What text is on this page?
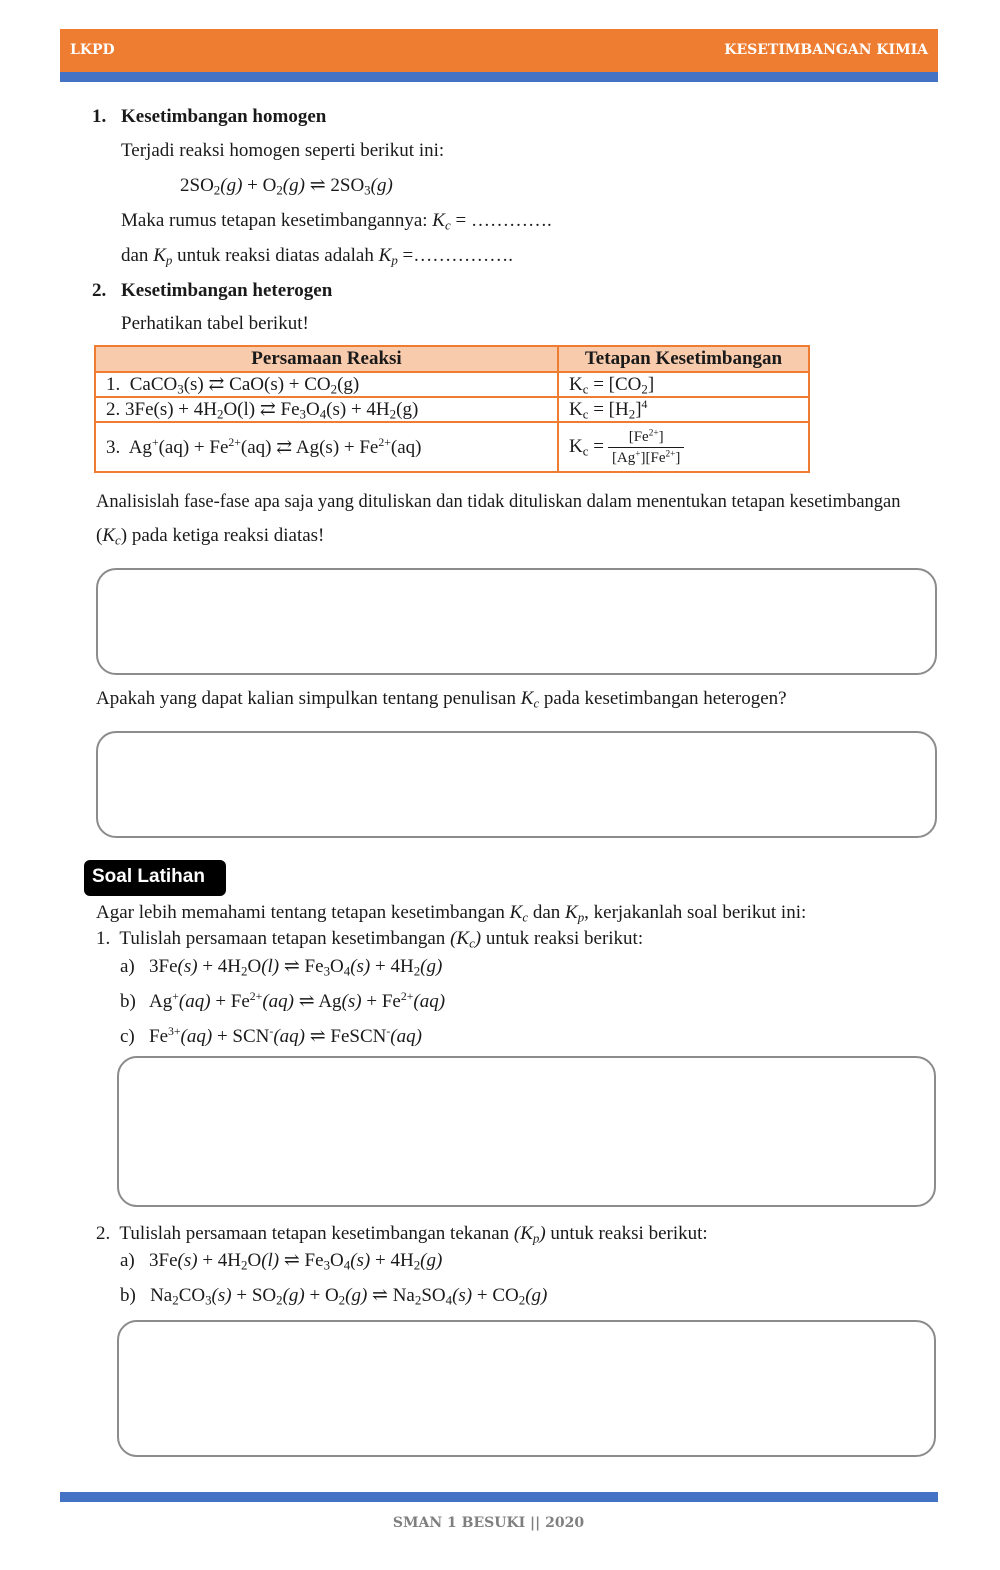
LKPD	KESETIMBANGAN KIMIA
1. Kesetimbangan homogen
Terjadi reaksi homogen seperti berikut ini:
$2SO_2(g) + O_2(g)$ ⇌ $2SO_3(g)$
Maka rumus tetapan kesetimbangannya: $K_c$ = ………….
dan $K_p$ untuk reaksi diatas adalah $K_p$ =…………….
2. Kesetimbangan heterogen
Perhatikan tabel berikut!
Persamaan Reaksi	Tetapan Kesetimbangan
1.  CaCO$_3$(s) ⇄ $CaO(s) + CO_2(g)$	$K_c = [CO_2]$
2. $3Fe(s) + 4H_2O(l)$ ⇄ $Fe_3O_4(s) + 4H_2(g)$	$K_c = [H_2]^4$
3.  $Ag^+(aq) + Fe^{2+}(aq)$ ⇄ $Ag(s) + Fe^{2+}(aq)$	$K_c = \frac{[Fe^{2+}]}{[Ag^+][Fe^{2+}]}$
Analisislah fase-fase apa saja yang dituliskan dan tidak dituliskan dalam menentukan tetapan kesetimbangan
$(K_c)$ pada ketiga reaksi diatas!
Apakah yang dapat kalian simpulkan tentang penulisan $K_c$ pada kesetimbangan heterogen?
Soal Latihan
Agar lebih memahami tentang tetapan kesetimbangan $K_c$ dan $K_p$, kerjakanlah soal berikut ini:
1.  Tulislah persamaan tetapan kesetimbangan $(K_c)$ untuk reaksi berikut:
a)   $3Fe(s) + 4H_2O(l)$ ⇌ $Fe_3O_4(s) + 4H_2(g)$
b)   $Ag^+(aq) + Fe^{2+}(aq)$ ⇌ $Ag(s) + Fe^{2+}(aq)$
c)   $Fe^{3+}(aq) + SCN^-(aq)$ ⇌ FeSCN-(aq)
2.  Tulislah persamaan tetapan kesetimbangan tekanan $(K_p)$ untuk reaksi berikut:
a)   $3Fe(s) + 4H_2O(l)$ ⇌ $Fe_3O_4(s) + 4H_2(g)$
b)   $Na_2CO_3(s) + SO_2(g) + O_2(g)$ ⇌ $Na_2SO_4(s) + CO_2(g)$
SMAN 1 BESUKI || 2020
